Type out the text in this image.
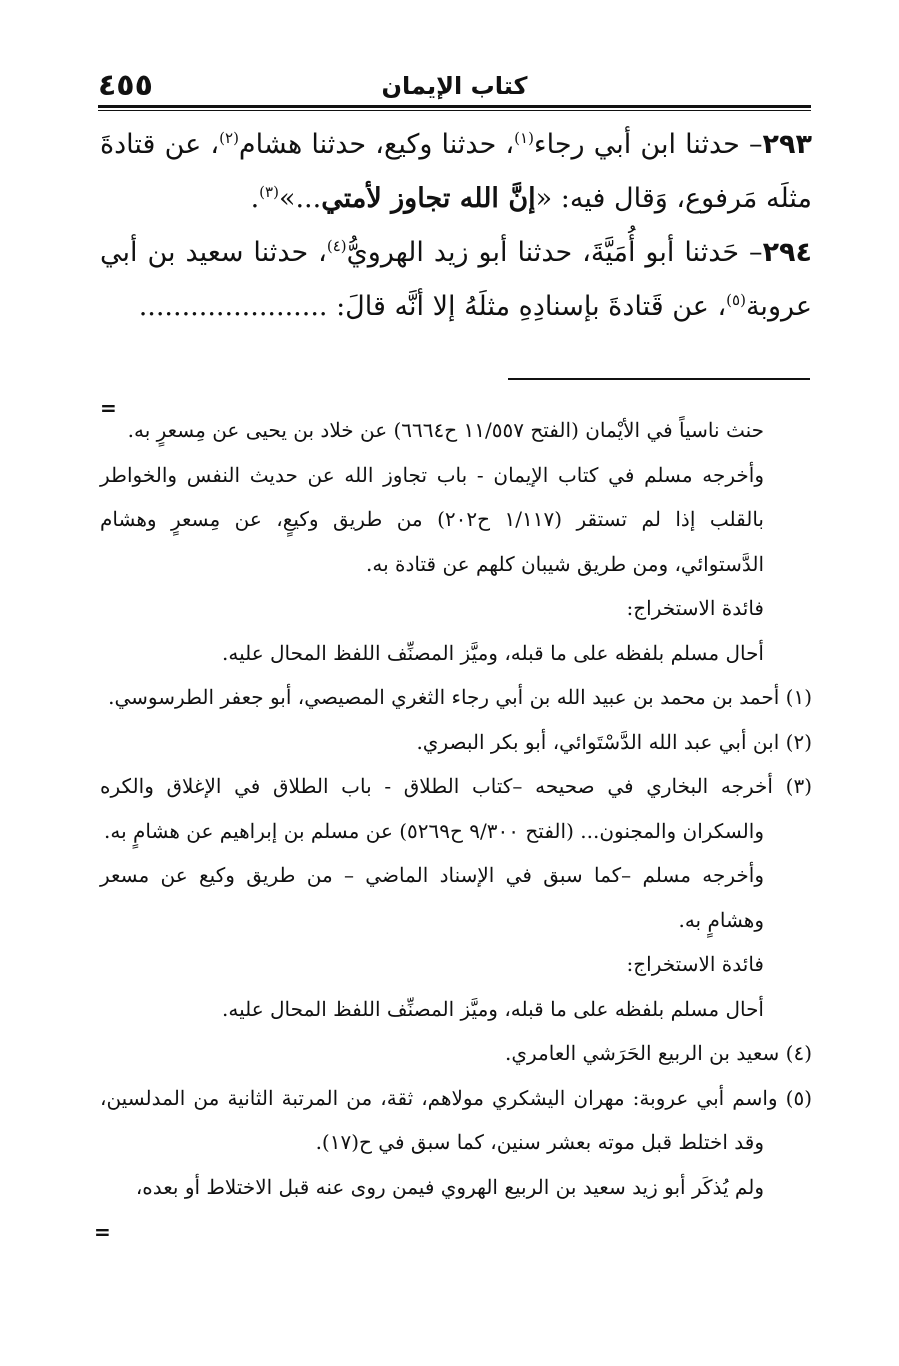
٤٥٥	كتاب الإيمان

٢٩٣– حدثنا ابن أبي رجاء$^{(١)}$، حدثنا وكيع، حدثنا هشام$^{(٢)}$، عن قتادةَ مثلَه مَرفوع، وَقال فيه: «إنَّ الله تجاوز لأمتي...»$^{(٣)}$.

٢٩٤– حَدثنا أبو أُمَيَّةَ، حدثنا أبو زيد الهرويُّ$^{(٤)}$، حدثنا سعيد بن أبي عروبة$^{(٥)}$، عن قَتادةَ بإسنادِهِ مثلَهُ إلا أنَّه قالَ: ......................

=

حنث ناسياً في الأيْمان (الفتح ١١/٥٥٧ ح٦٦٦٤) عن خلاد بن يحيى عن مِسعرٍ به.

وأخرجه مسلم في كتاب الإيمان - باب تجاوز الله عن حديث النفس والخواطر بالقلب إذا لم تستقر (١/١١٧ ح٢٠٢) من طريق وكيعٍ، عن مِسعرٍ وهشام الدَّستوائي، ومن طريق شيبان كلهم عن قتادة به.

فائدة الاستخراج:

أحال مسلم بلفظه على ما قبله، وميَّز المصنِّف اللفظ المحال عليه.

(١) أحمد بن محمد بن عبيد الله بن أبي رجاء الثغري المصيصي، أبو جعفر الطرسوسي.

(٢) ابن أبي عبد الله الدَّسْتَوائي، أبو بكر البصري.

(٣) أخرجه البخاري في صحيحه –كتاب الطلاق - باب الطلاق في الإغلاق والكره والسكران والمجنون... (الفتح ٩/٣٠٠ ح٥٢٦٩) عن مسلم بن إبراهيم عن هشامٍ به.

وأخرجه مسلم –كما سبق في الإسناد الماضي – من طريق وكيع عن مسعر وهشامٍ به.

فائدة الاستخراج:

أحال مسلم بلفظه على ما قبله، وميَّز المصنِّف اللفظ المحال عليه.

(٤) سعيد بن الربيع الحَرَشي العامري.

(٥) واسم أبي عروبة: مهران اليشكري مولاهم، ثقة، من المرتبة الثانية من المدلسين، وقد اختلط قبل موته بعشر سنين، كما سبق في ح(١٧).

ولم يُذكَر أبو زيد سعيد بن الربيع الهروي فيمن روى عنه قبل الاختلاط أو بعده،

=
